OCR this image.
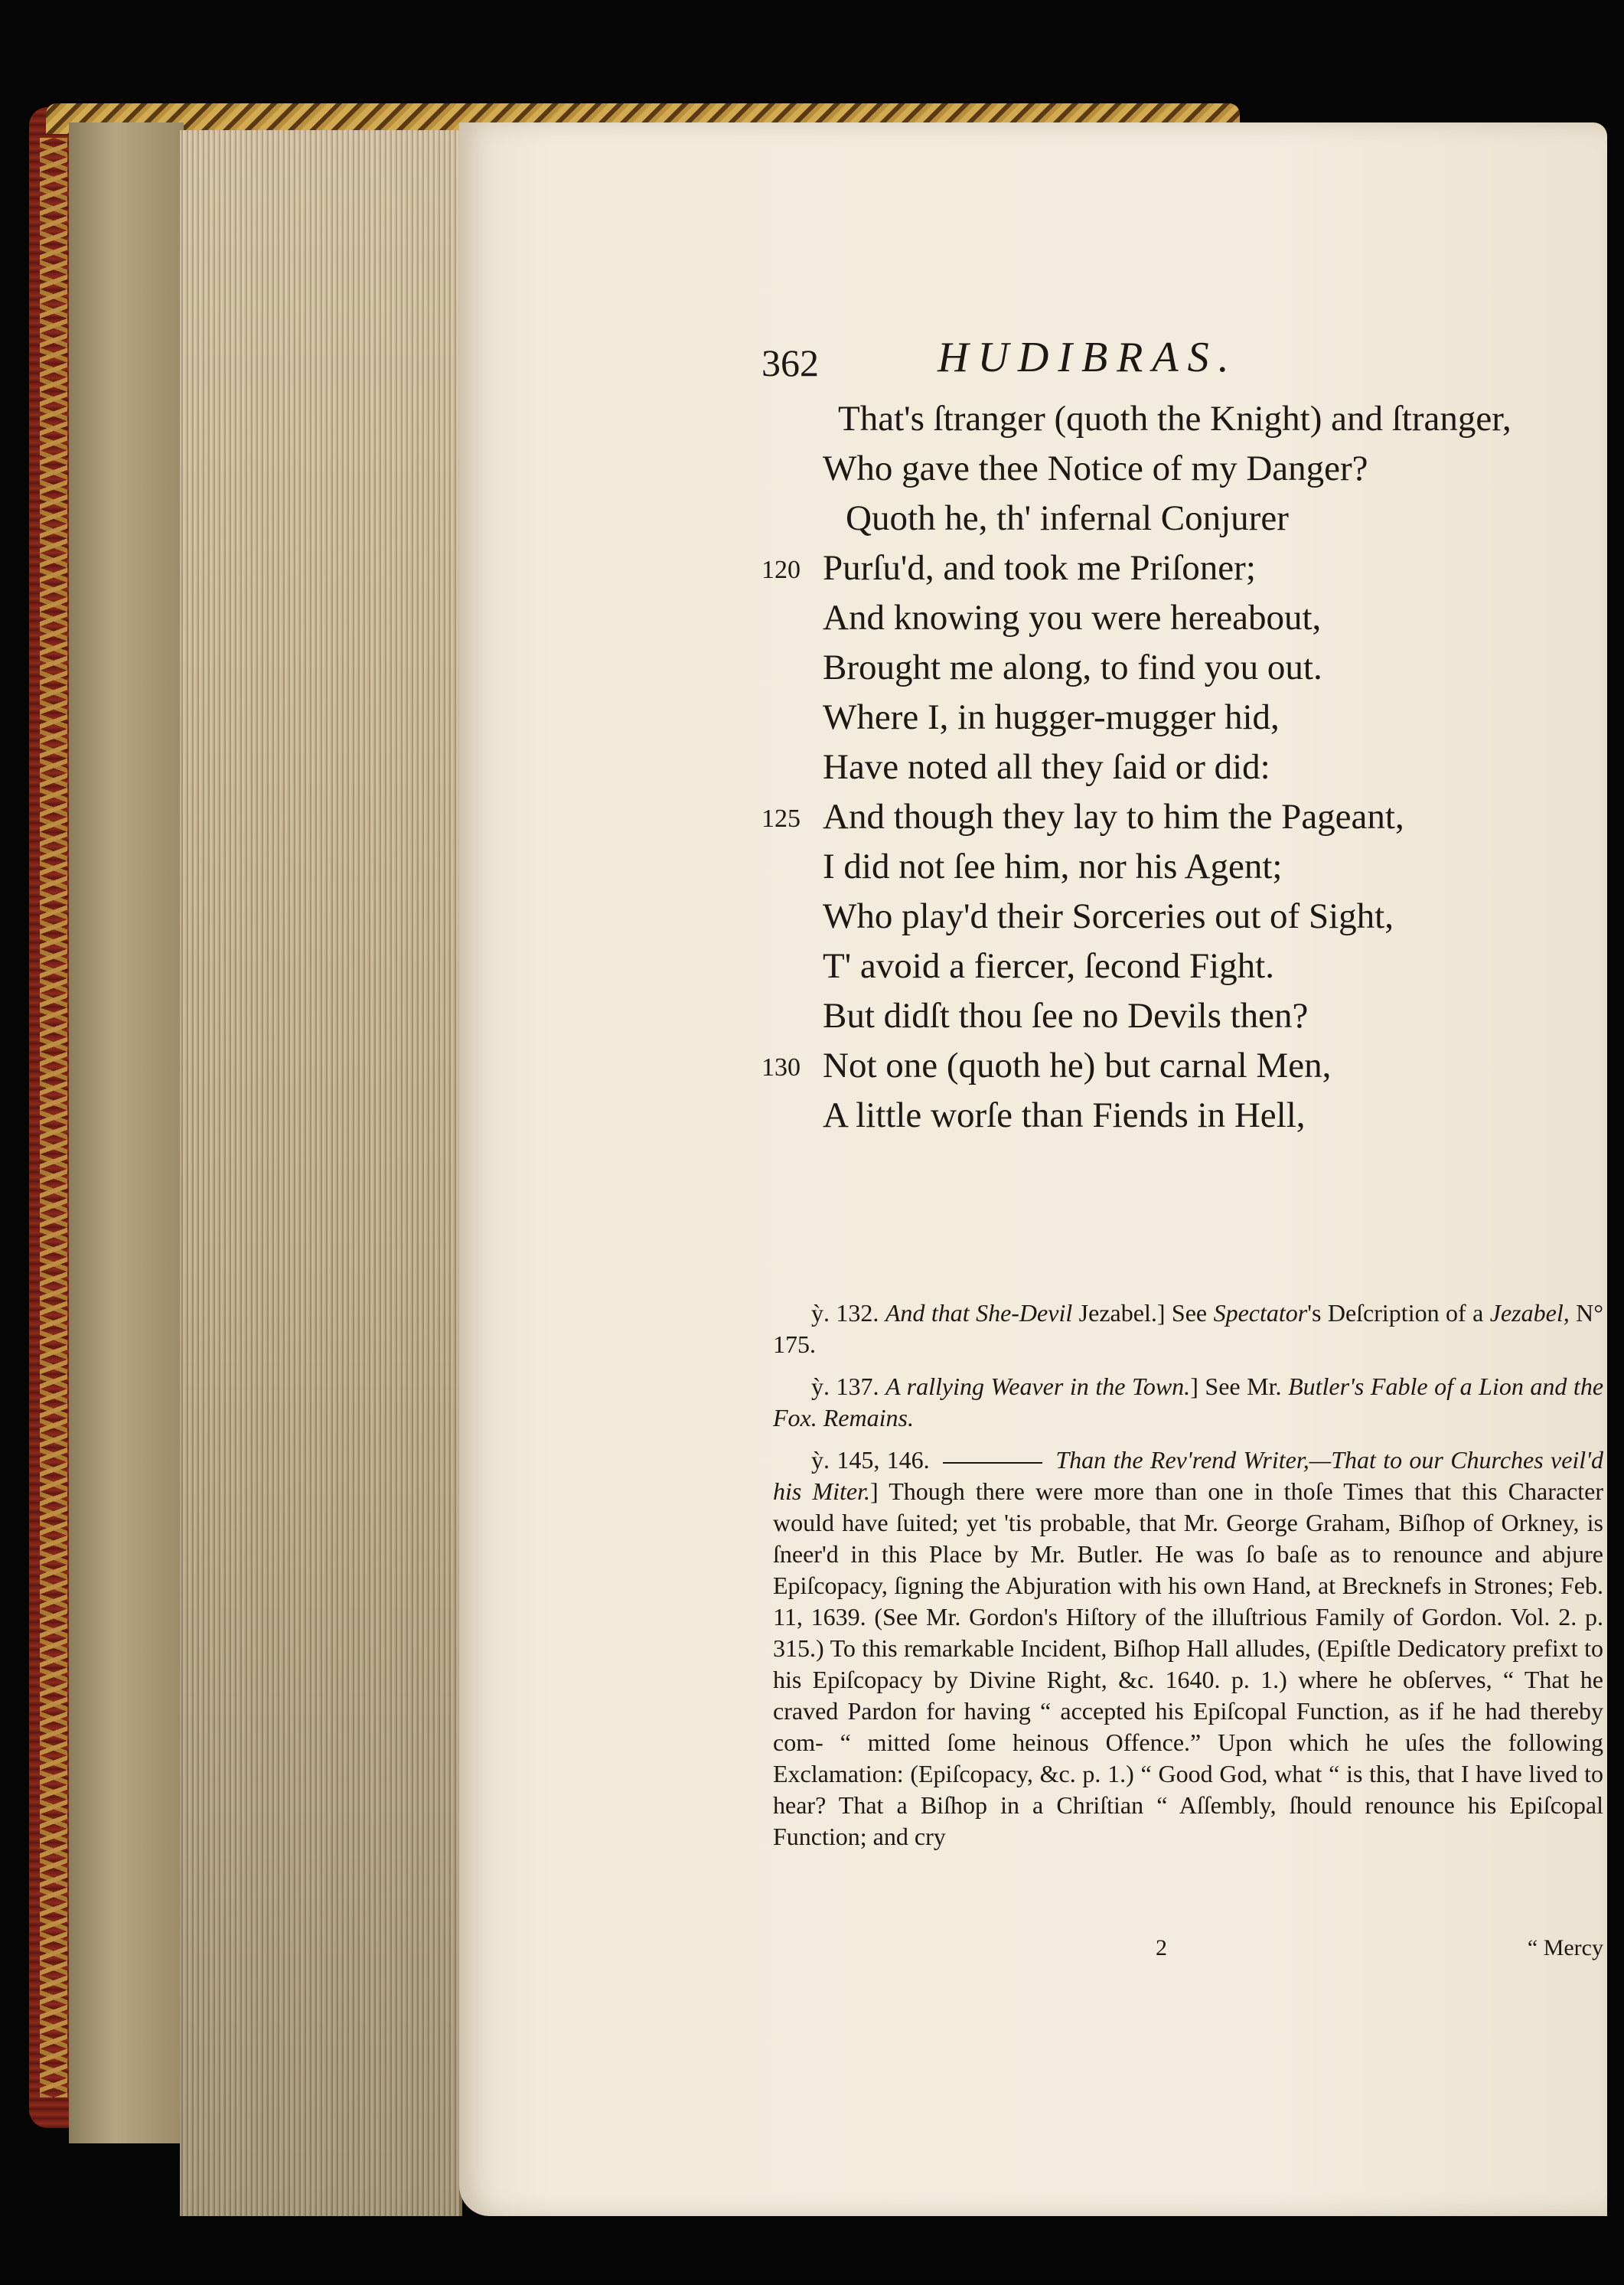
362	HUDIBRAS.
That's ſtranger (quoth the Knight) and ſtranger,
Who gave thee Notice of my Danger?
Quoth he, th' infernal Conjurer
120 Purſu'd, and took me Priſoner;
And knowing you were hereabout,
Brought me along, to find you out.
Where I, in hugger-mugger hid,
Have noted all they ſaid or did:
125 And though they lay to him the Pageant,
I did not ſee him, nor his Agent;
Who play'd their Sorceries out of Sight,
T' avoid a fiercer, ſecond Fight.
But didſt thou ſee no Devils then?
130 Not one (quoth he) but carnal Men,
A little worſe than Fiends in Hell,

ỳ. 132. And that She-Devil Jezabel.] See Spectator's Deſcription of a Jezabel, N° 175.

ỳ. 137. A rallying Weaver in the Town.] See Mr. Butler's Fable of a Lion and the Fox. Remains.

ỳ. 145, 146.	Than the Rev'rend Writer,—That to our Churches veil'd his Miter.] Though there were more than one in thoſe Times that this Character would have ſuited; yet 'tis probable, that Mr. George Graham, Biſhop of Orkney, is ſneer'd in this Place by Mr. Butler. He was ſo baſe as to renounce and abjure Epiſcopacy, ſigning the Abjuration with his own Hand, at Brecknefs in Strones; Feb. 11, 1639. (See Mr. Gordon's Hiſtory of the illuſtrious Family of Gordon. Vol. 2. p. 315.) To this remarkable Incident, Biſhop Hall alludes, (Epiſtle Dedicatory prefixt to his Epiſcopacy by Divine Right, &c. 1640. p. 1.) where he obſerves, “ That he craved Pardon for having “ accepted his Epiſcopal Function, as if he had thereby com‑ “ mitted ſome heinous Offence.” Upon which he uſes the following Exclamation: (Epiſcopacy, &c. p. 1.) “ Good God, what “ is this, that I have lived to hear? That a Biſhop in a Chriſtian “ Aſſembly, ſhould renounce his Epiſcopal Function; and cry

2	“ Mercy
